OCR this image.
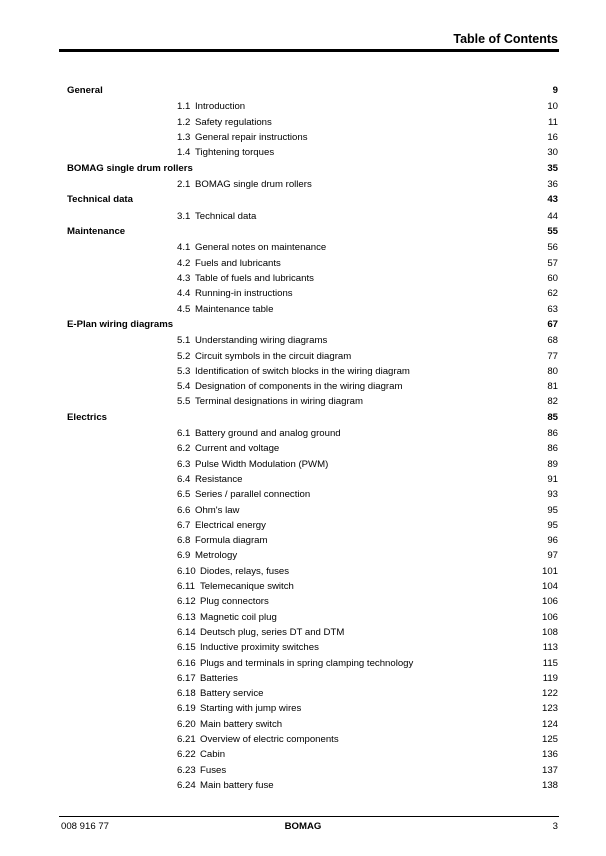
Table of Contents
General	9
1.1 Introduction	10
1.2 Safety regulations	11
1.3 General repair instructions	16
1.4 Tightening torques	30
BOMAG single drum rollers	35
2.1 BOMAG single drum rollers	36
Technical data	43
3.1 Technical data	44
Maintenance	55
4.1 General notes on maintenance	56
4.2 Fuels and lubricants	57
4.3 Table of fuels and lubricants	60
4.4 Running-in instructions	62
4.5 Maintenance table	63
E-Plan wiring diagrams	67
5.1 Understanding wiring diagrams	68
5.2 Circuit symbols in the circuit diagram	77
5.3 Identification of switch blocks in the wiring diagram	80
5.4 Designation of components in the wiring diagram	81
5.5 Terminal designations in wiring diagram	82
Electrics	85
6.1 Battery ground and analog ground	86
6.2 Current and voltage	86
6.3 Pulse Width Modulation (PWM)	89
6.4 Resistance	91
6.5 Series / parallel connection	93
6.6 Ohm's law	95
6.7 Electrical energy	95
6.8 Formula diagram	96
6.9 Metrology	97
6.10 Diodes, relays, fuses	101
6.11 Telemecanique switch	104
6.12 Plug connectors	106
6.13 Magnetic coil plug	106
6.14 Deutsch plug, series DT and DTM	108
6.15 Inductive proximity switches	113
6.16 Plugs and terminals in spring clamping technology	115
6.17 Batteries	119
6.18 Battery service	122
6.19 Starting with jump wires	123
6.20 Main battery switch	124
6.21 Overview of electric components	125
6.22 Cabin	136
6.23 Fuses	137
6.24 Main battery fuse	138
008 916 77	BOMAG	3
